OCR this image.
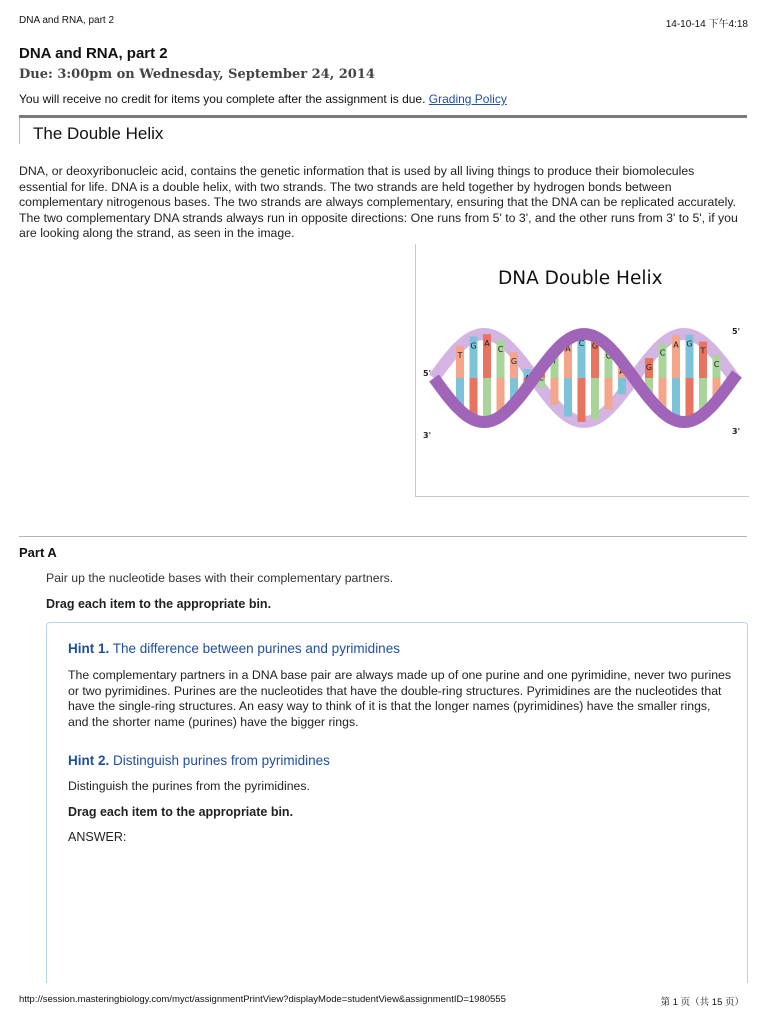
DNA and RNA, part 2	14-10-14 下午4:18
DNA and RNA, part 2
Due: 3:00pm on Wednesday, September 24, 2014
You will receive no credit for items you complete after the assignment is due. Grading Policy
The Double Helix
DNA, or deoxyribonucleic acid, contains the genetic information that is used by all living things to produce their biomolecules essential for life. DNA is a double helix, with two strands. The two strands are held together by hydrogen bonds between complementary nitrogenous bases. The two strands are always complementary, ensuring that the DNA can be replicated accurately. The two complementary DNA strands always run in opposite directions: One runs from 5' to 3', and the other runs from 3' to 5', if you are looking along the strand, as seen in the image.
T
G A
C
G
A C
T
A
C G
C
A	G
C
A G
T
C
5'
3'
5'
3'
DNA Double Helix
Part A
Pair up the nucleotide bases with their complementary partners.
Drag each item to the appropriate bin.
Hint 1. The difference between purines and pyrimidines
The complementary partners in a DNA base pair are always made up of one purine and one pyrimidine, never two purines or two pyrimidines. Purines are the nucleotides that have the double-ring structures. Pyrimidines are the nucleotides that have the single-ring structures. An easy way to think of it is that the longer names (pyrimidines) have the smaller rings, and the shorter name (purines) have the bigger rings.
Hint 2. Distinguish purines from pyrimidines
Distinguish the purines from the pyrimidines.
Drag each item to the appropriate bin.
ANSWER:
http://session.masteringbiology.com/myct/assignmentPrintView?displayMode=studentView&assignmentID=1980555	第 1 页（共 15 页）
